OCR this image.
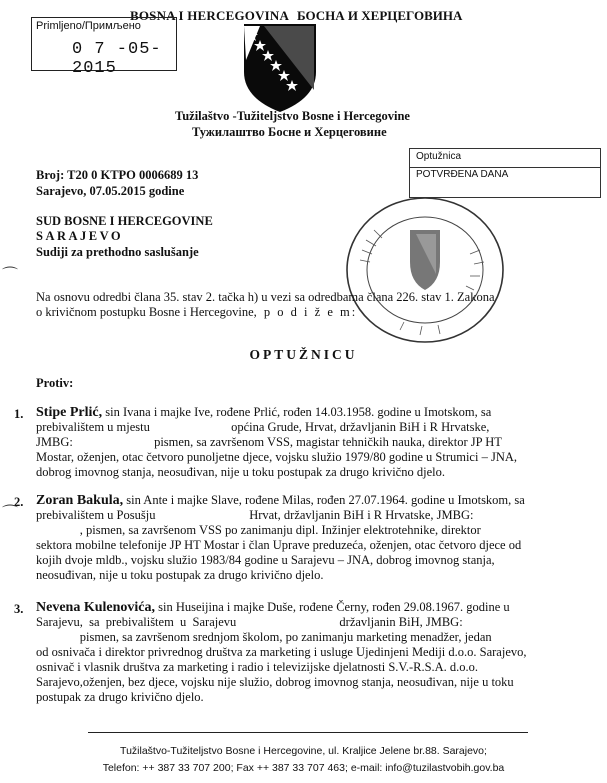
BOSNA I HERCEGOVINA БОСНА И ХЕРЦЕГОВИНА
Primljeno/Примљено
0 7 -05- 2015
Tužilaštvo -Tužiteljstvo Bosne i Hercegovine
Тужилаштво Босне и Херцеговине
Optužnica
POTVRĐENA DANA
Broj: T20 0 KTPO 0006689 13
Sarajevo, 07.05.2015 godine
SUD BOSNE I HERCEGOVINE
SARAJEVO
Sudiji za prethodno saslušanje
⌒
⌒
Na osnovu odredbi člana 35. stav 2. tačka h) u vezi sa odredbama člana 226. stav 1. Zakona
o krivičnom postupku Bosne i Hercegovine, p o d i ž e m:
OPTUŽNICU
Protiv:
1. Stipe Prlić, sin Ivana i majke Ive, rođene Prlić, rođen 14.03.1958. godine u Imotskom, sa
prebivalištem u mjestu                          općina Grude, Hrvat, državljanin BiH i R Hrvatske,
JMBG:                          pismen, sa završenom VSS, magistar tehničkih nauka, direktor JP HT
Mostar, oženjen, otac četvoro punoljetne djece, vojsku služio 1979/80 godine u Strumici – JNA,
dobrog imovnog stanja, neosuđivan, nije u toku postupak za drugo krivično djelo.
2. Zoran Bakula, sin Ante i majke Slave, rođene Milas, rođen 27.07.1964. godine u Imotskom, sa
prebivalištem u Posušju                              Hrvat, državljanin BiH i R Hrvatske, JMBG:
, pismen, sa završenom VSS po zanimanju dipl. Inžinjer elektrotehnike, direktor
sektora mobilne telefonije JP HT Mostar i član Uprave preduzeća, oženjen, otac četvoro djece od
kojih dvoje mldb., vojsku služio 1983/84 godine u Sarajevu – JNA, dobrog imovnog stanja,
neosuđivan, nije u toku postupak za drugo krivično djelo.
3. Nevena Kulenovića, sin Huseijina i majke Duše, rođene Černy, rođen 29.08.1967. godine u
Sarajevu,  sa  prebivalištem  u  Sarajevu                                 državljanin BiH, JMBG:
pismen, sa završenom srednjom školom, po zanimanju marketing menadžer, jedan
od osnivača i direktor privrednog društva za marketing i usluge Ujedinjeni Mediji d.o.o. Sarajevo,
osnivač i vlasnik društva za marketing i radio i televizijske djelatnosti S.V.-R.S.A. d.o.o.
Sarajevo,oženjen, bez djece, vojsku nije služio, dobrog imovnog stanja, neosuđivan, nije u toku
postupak za drugo krivično djelo.
Tužilaštvo-Tužiteljstvo Bosne i Hercegovine, ul. Kraljice Jelene br.88. Sarajevo;
Telefon: ++ 387 33 707 200; Fax ++ 387 33 707 463; e-mail: info@tuzilastvobih.gov.ba
